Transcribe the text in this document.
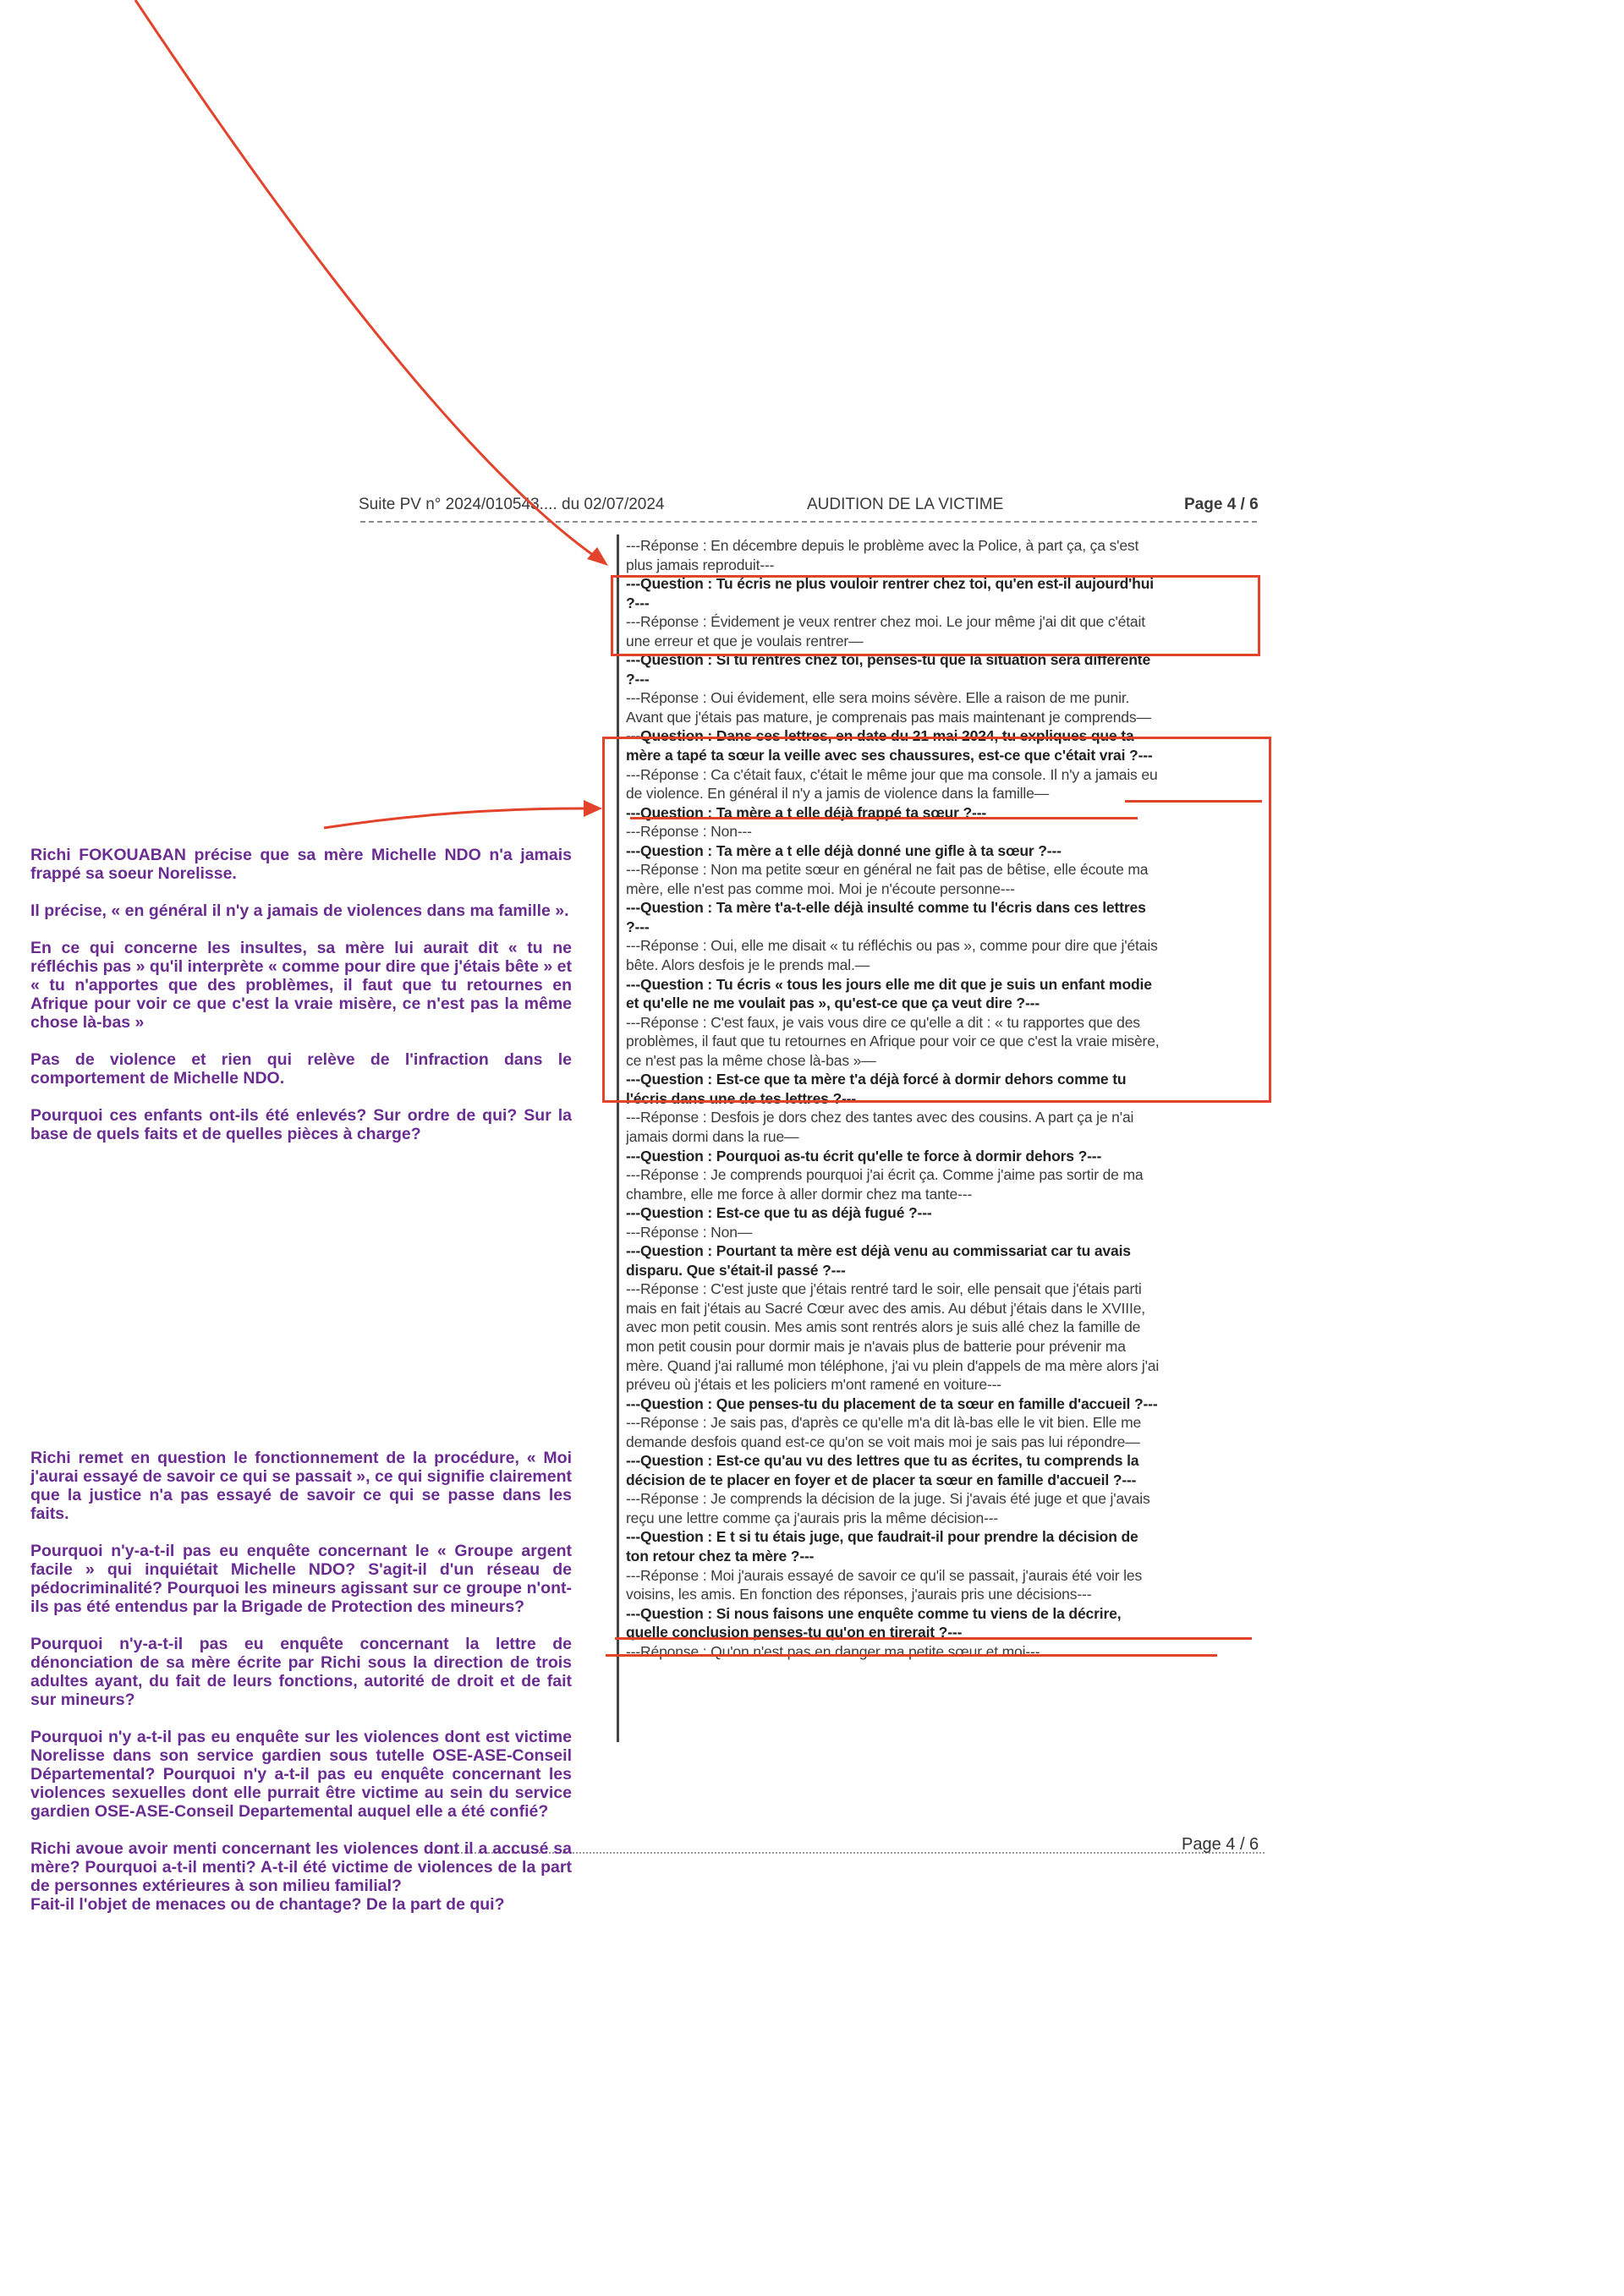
Suite PV n° 2024/010543.... du 02/07/2024	AUDITION DE LA VICTIME	Page 4 / 6
---Réponse : En décembre depuis le problème avec la Police, à part ça, ça s'est
plus jamais reproduit---
---Question : Tu écris ne plus vouloir rentrer chez toi, qu'en est-il aujourd'hui
?---
---Réponse : Évidement je veux rentrer chez moi. Le jour même j'ai dit que c'était
une erreur et que je voulais rentrer—
---Question : Si tu rentres chez toi, penses-tu que la situation sera différente
?---
---Réponse : Oui évidement, elle sera moins sévère. Elle a raison de me punir.
Avant que j'étais pas mature, je comprenais pas mais maintenant je comprends—
---Question : Dans ces lettres, en date du 21 mai 2024, tu expliques que ta
mère a tapé ta sœur la veille avec ses chaussures, est-ce que c'était vrai ?---
---Réponse : Ca c'était faux, c'était le même jour que ma console. Il n'y a jamais eu
de violence. En général il n'y a jamis de violence dans la famille—
---Question : Ta mère a t elle déjà frappé ta sœur ?---
---Réponse : Non---
---Question : Ta mère a t elle déjà donné une gifle à ta sœur ?---
---Réponse : Non ma petite sœur en général ne fait pas de bêtise, elle écoute ma
mère, elle n'est pas comme moi. Moi je n'écoute personne---
---Question : Ta mère t'a-t-elle déjà insulté comme tu l'écris dans ces lettres
?---
---Réponse : Oui, elle me disait « tu réfléchis ou pas », comme pour dire que j'étais
bête. Alors desfois je le prends mal.—
---Question : Tu écris « tous les jours elle me dit que je suis un enfant modie
et qu'elle ne me voulait pas », qu'est-ce que ça veut dire ?---
---Réponse : C'est faux, je vais vous dire ce qu'elle a dit : « tu rapportes que des
problèmes, il faut que tu retournes en Afrique pour voir ce que c'est la vraie misère,
ce n'est pas la même chose là-bas »—
---Question : Est-ce que ta mère t'a déjà forcé à dormir dehors comme tu
l'écris dans une de tes lettres ?---
---Réponse : Desfois je dors chez des tantes avec des cousins. A part ça je n'ai
jamais dormi dans la rue—
---Question : Pourquoi as-tu écrit qu'elle te force à dormir dehors ?---
---Réponse : Je comprends pourquoi j'ai écrit ça. Comme j'aime pas sortir de ma
chambre, elle me force à aller dormir chez ma tante---
---Question : Est-ce que tu as déjà fugué ?---
---Réponse : Non—
---Question : Pourtant ta mère est déjà venu au commissariat car tu avais
disparu. Que s'était-il passé ?---
---Réponse : C'est juste que j'étais rentré tard le soir, elle pensait que j'étais parti
mais en fait j'étais au Sacré Cœur avec des amis. Au début j'étais dans le XVIIIe,
avec mon petit cousin. Mes amis sont rentrés alors je suis allé chez la famille de
mon petit cousin pour dormir mais je n'avais plus de batterie pour prévenir ma
mère. Quand j'ai rallumé mon téléphone, j'ai vu plein d'appels de ma mère alors j'ai
préveu où j'étais et les policiers m'ont ramené en voiture---
---Question : Que penses-tu du placement de ta sœur en famille d'accueil ?---
---Réponse : Je sais pas, d'après ce qu'elle m'a dit là-bas elle le vit bien. Elle me
demande desfois quand est-ce qu'on se voit mais moi je sais pas lui répondre—
---Question : Est-ce qu'au vu des lettres que tu as écrites, tu comprends la
décision de te placer en foyer et de placer ta sœur en famille d'accueil ?---
---Réponse : Je comprends la décision de la juge. Si j'avais été juge et que j'avais
reçu une lettre comme ça j'aurais pris la même décision---
---Question : E t si tu étais juge, que faudrait-il pour prendre la décision de
ton retour chez ta mère ?---
---Réponse : Moi j'aurais essayé de savoir ce qu'il se passait, j'aurais été voir les
voisins, les amis. En fonction des réponses, j'aurais pris une décisions---
---Question : Si nous faisons une enquête comme tu viens de la décrire,
quelle conclusion penses-tu qu'on en tirerait ?---
---Réponse : Qu'on n'est pas en danger ma petite sœur et moi---
Page 4 / 6

Richi FOKOUABAN précise que sa mère Michelle NDO n'a jamais frappé sa soeur Norelisse.

Il précise, « en général il n'y a jamais de violences dans ma famille ».

En ce qui concerne les insultes, sa mère lui aurait dit « tu ne réfléchis pas » qu'il interprète « comme pour dire que j'étais bête » et « tu n'apportes que des problèmes, il faut que tu retournes en Afrique pour voir ce que c'est la vraie misère, ce n'est pas la même chose là-bas »

Pas de violence et rien qui relève de l'infraction dans le comportement de Michelle NDO.

Pourquoi ces enfants ont-ils été enlevés? Sur ordre de qui? Sur la base de quels faits et de quelles pièces à charge?

Richi remet en question le fonctionnement de la procédure, « Moi j'aurai essayé de savoir ce qui se passait », ce qui signifie clairement que la justice n'a pas essayé de savoir ce qui se passe dans les faits.

Pourquoi n'y-a-t-il pas eu enquête concernant le « Groupe argent facile » qui inquiétait Michelle NDO? S'agit-il d'un réseau de pédocriminalité? Pourquoi les mineurs agissant sur ce groupe n'ont-ils pas été entendus par la Brigade de Protection des mineurs?

Pourquoi n'y-a-t-il pas eu enquête concernant la lettre de dénonciation de sa mère écrite par Richi sous la direction de trois adultes ayant, du fait de leurs fonctions, autorité de droit et de fait sur mineurs?

Pourquoi n'y a-t-il pas eu enquête sur les violences dont est victime Norelisse dans son service gardien sous tutelle OSE-ASE-Conseil Départemental? Pourquoi n'y a-t-il pas eu enquête concernant les violences sexuelles dont elle purrait être victime au sein du service gardien OSE-ASE-Conseil Departemental auquel elle a été confié?

Richi avoue avoir menti concernant les violences dont il a accusé sa mère? Pourquoi a-t-il menti? A-t-il été victime de violences de la part de personnes extérieures à son milieu familial?

Fait-il l'objet de menaces ou de chantage? De la part de qui?
